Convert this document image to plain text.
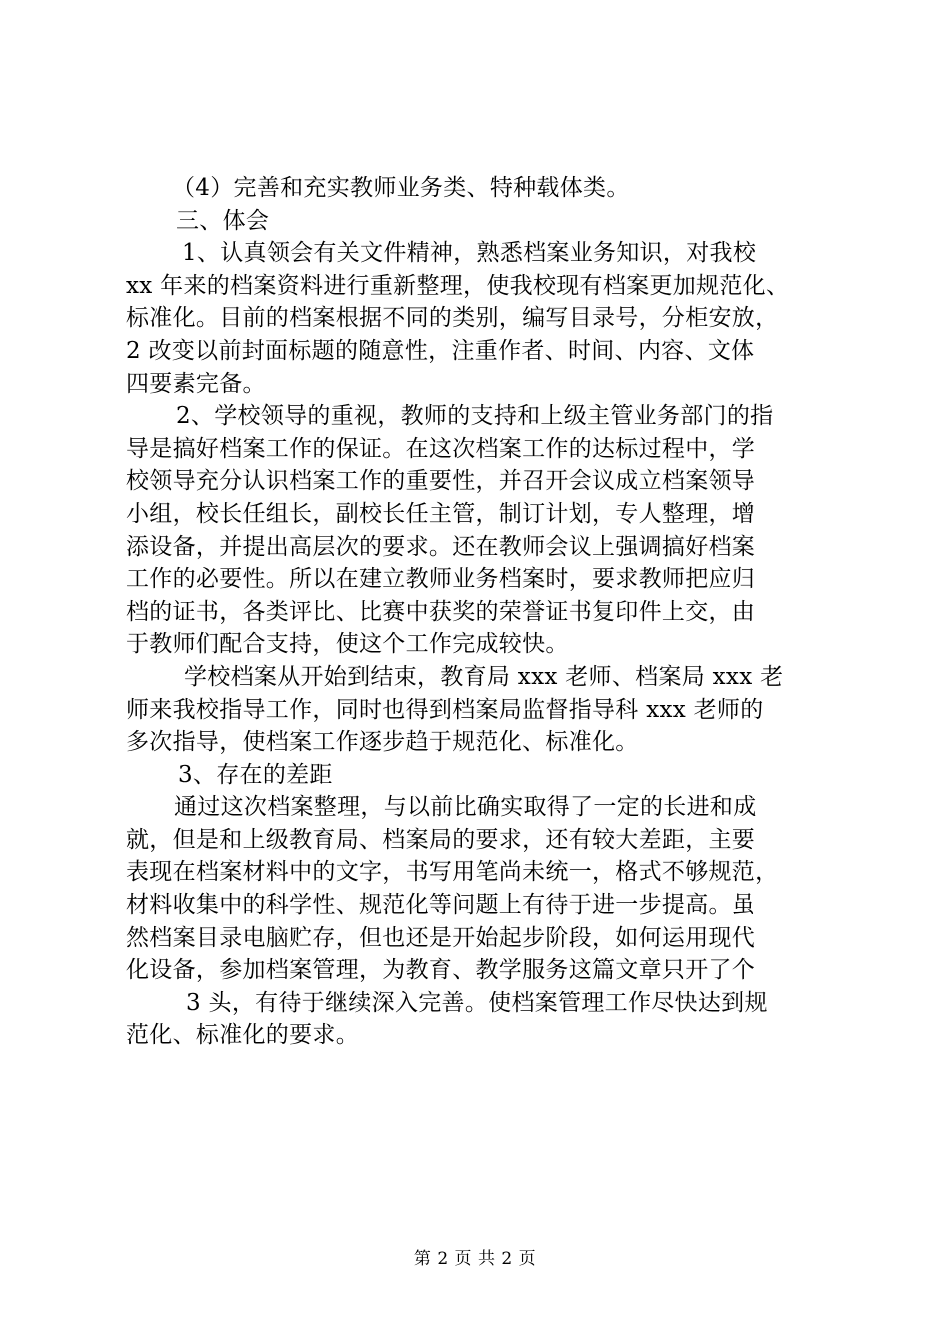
（4）完善和充实教师业务类、特种载体类。
三、体会
1、认真领会有关文件精神，熟悉档案业务知识，对我校
xx 年来的档案资料进行重新整理，使我校现有档案更加规范化、
标准化。目前的档案根据不同的类别，编写目录号，分柜安放，
2 改变以前封面标题的随意性，注重作者、时间、内容、文体
四要素完备。
2、学校领导的重视，教师的支持和上级主管业务部门的指
导是搞好档案工作的保证。在这次档案工作的达标过程中，学
校领导充分认识档案工作的重要性，并召开会议成立档案领导
小组，校长任组长，副校长任主管，制订计划，专人整理，增
添设备，并提出高层次的要求。还在教师会议上强调搞好档案
工作的必要性。所以在建立教师业务档案时，要求教师把应归
档的证书，各类评比、比赛中获奖的荣誉证书复印件上交，由
于教师们配合支持，使这个工作完成较快。
学校档案从开始到结束，教育局 xxx 老师、档案局 xxx 老
师来我校指导工作，同时也得到档案局监督指导科 xxx 老师的
多次指导，使档案工作逐步趋于规范化、标准化。
3、存在的差距
通过这次档案整理，与以前比确实取得了一定的长进和成
就，但是和上级教育局、档案局的要求，还有较大差距，主要
表现在档案材料中的文字，书写用笔尚未统一，格式不够规范，
材料收集中的科学性、规范化等问题上有待于进一步提高。虽
然档案目录电脑贮存，但也还是开始起步阶段，如何运用现代
化设备，参加档案管理，为教育、教学服务这篇文章只开了个
3 头，有待于继续深入完善。使档案管理工作尽快达到规
范化、标准化的要求。
第 2 页 共 2 页
